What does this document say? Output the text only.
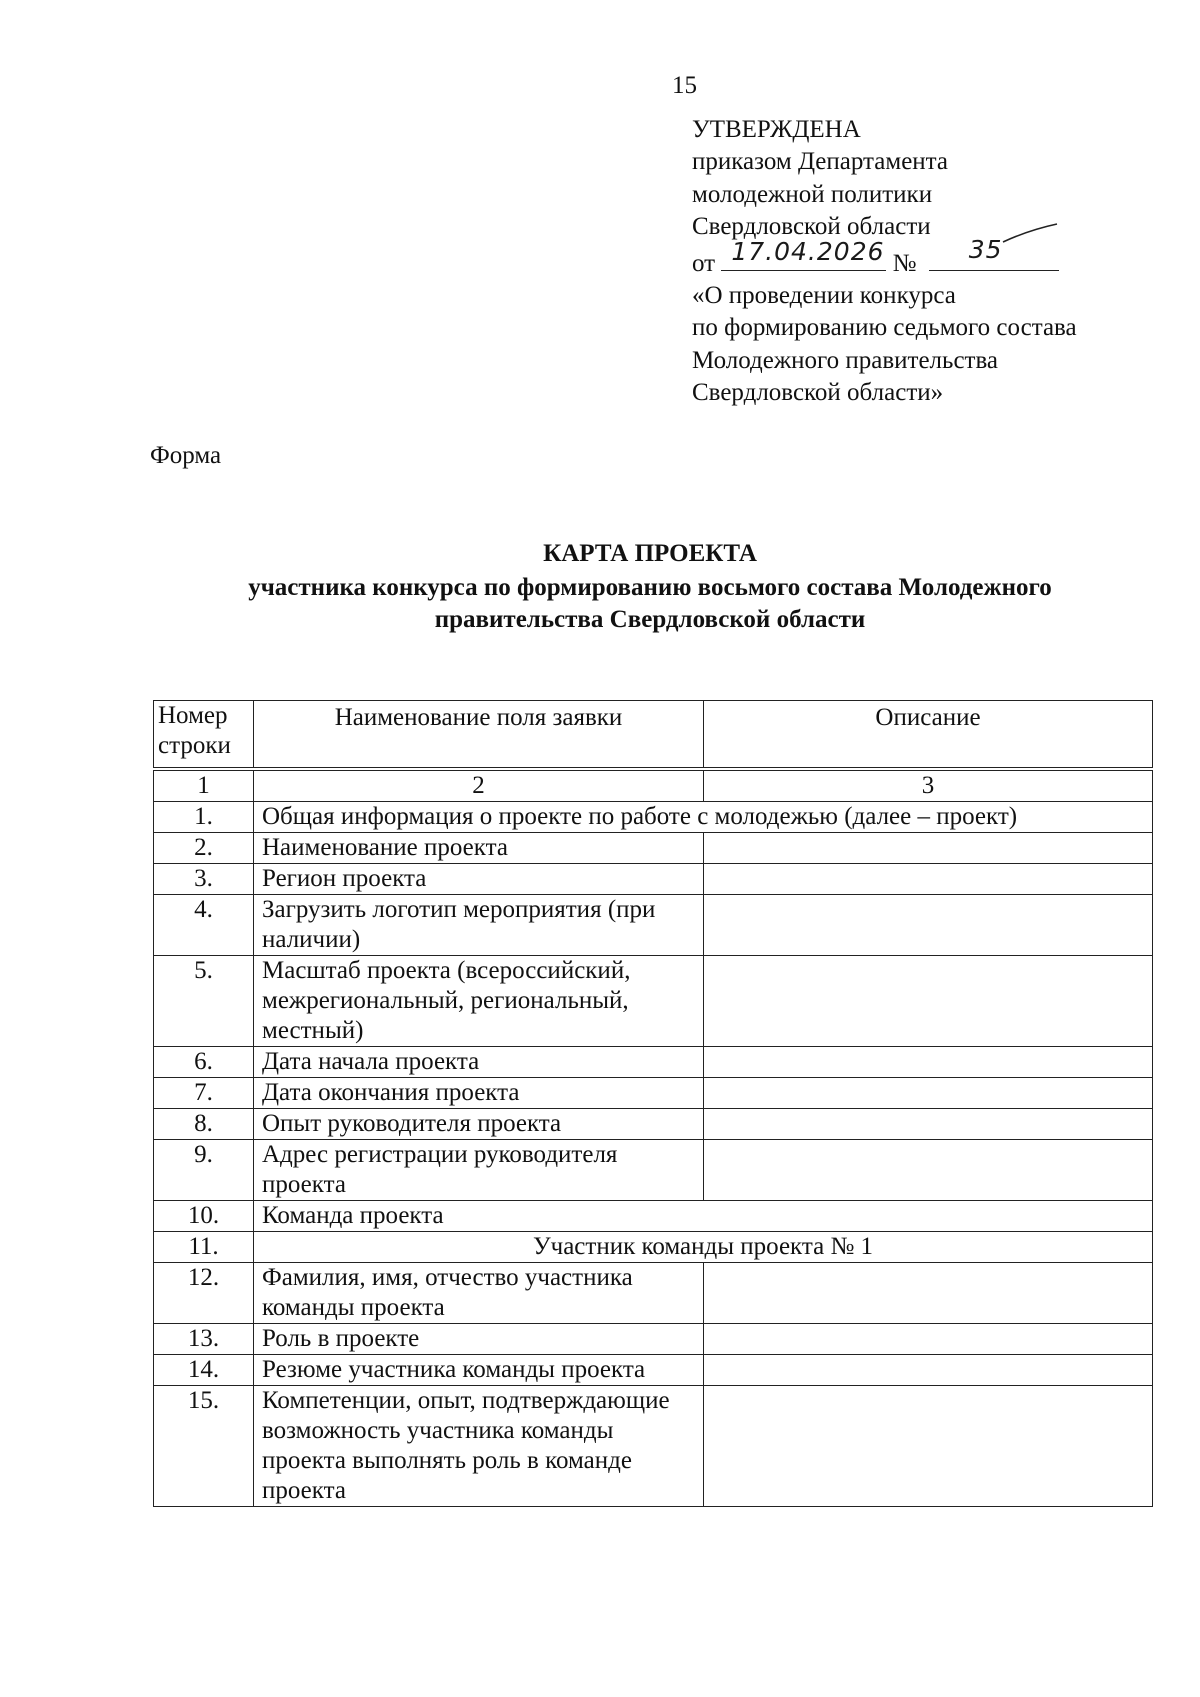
15
УТВЕРЖДЕНА
приказом Департамента
молодежной политики
Свердловской области
от 17.04.2026 № 35
«О проведении конкурса
по формированию седьмого состава
Молодежного правительства
Свердловской области»
Форма
КАРТА ПРОЕКТА
участника конкурса по формированию восьмого состава Молодежного
правительства Свердловской области
Номер строки	Наименование поля заявки	Описание
1	2	3
1.	Общая информация о проекте по работе с молодежью (далее – проект)	
2.	Наименование проекта	
3.	Регион проекта	
4.	Загрузить логотип мероприятия (при наличии)	
5.	Масштаб проекта (всероссийский, межрегиональный, региональный, местный)	
6.	Дата начала проекта	
7.	Дата окончания проекта	
8.	Опыт руководителя проекта	
9.	Адрес регистрации руководителя проекта	
10.	Команда проекта	
11.	Участник команды проекта № 1	
12.	Фамилия, имя, отчество участника команды проекта	
13.	Роль в проекте	
14.	Резюме участника команды проекта	
15.	Компетенции, опыт, подтверждающие возможность участника команды проекта выполнять роль в команде проекта	
